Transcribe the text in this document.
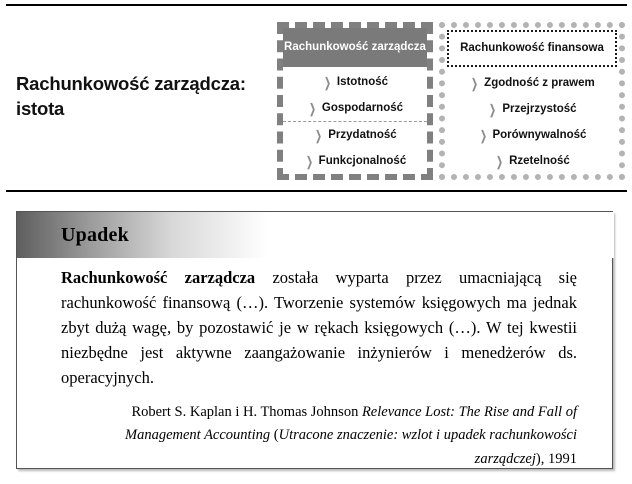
Rachunkowość zarządcza: istota
Rachunkowość zarządcza
❭ Istotność
❭ Gospodarność
❭ Przydatność
❭ Funkcjonalność
Rachunkowość finansowa
❭ Zgodność z prawem
❭ Przejrzystość
❭ Porównywalność
❭ Rzetelność
Upadek
Rachunkowość zarządcza została wyparta przez umacniającą się rachunkowość finansową (…). Tworzenie systemów księgowych ma jednak zbyt dużą wagę, by pozostawić je w rękach księgowych (…). W tej kwestii niezbędne jest aktywne zaangażowanie inżynierów i menedżerów ds. operacyjnych.
Robert S. Kaplan i H. Thomas Johnson Relevance Lost: The Rise and Fall of Management Accounting (Utracone znaczenie: wzlot i upadek rachunkowości zarządczej), 1991
